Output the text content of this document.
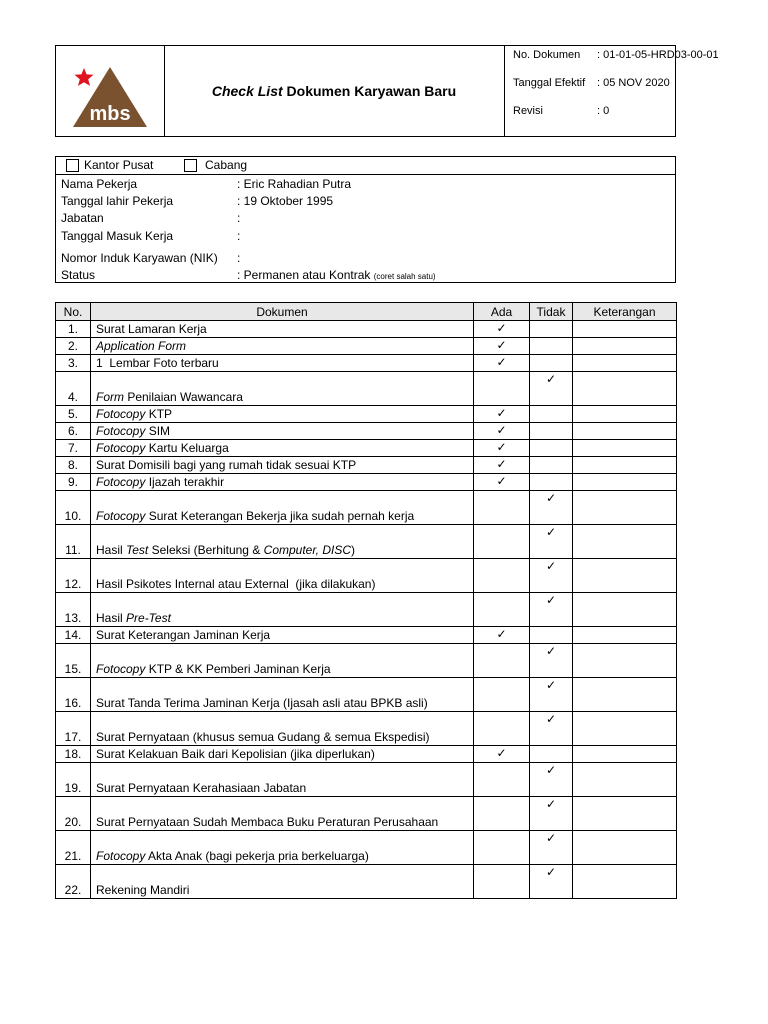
mbs
Check List Dokumen Karyawan Baru
No. Dokumen : 01-01-05-HRD03-00-01
Tanggal Efektif : 05 NOV 2020
Revisi	: 0
Kantor Pusat	Cabang
Nama Pekerja	: Eric Rahadian Putra
Tanggal lahir Pekerja	: 19 Oktober 1995
Jabatan	:
Tanggal Masuk Kerja	:
Nomor Induk Karyawan (NIK) :
Status	: Permanen atau Kontrak (coret salah satu)
No.	Dokumen	Ada	Tidak	Keterangan
1.	Surat Lamaran Kerja	✓		
2.	Application Form	✓		
3.	1  Lembar Foto terbaru	✓		
4.	Form Penilaian Wawancara		✓	
5.	Fotocopy KTP	✓		
6.	Fotocopy SIM	✓		
7.	Fotocopy Kartu Keluarga	✓		
8.	Surat Domisili bagi yang rumah tidak sesuai KTP	✓		
9.	Fotocopy Ijazah terakhir	✓		
10.	Fotocopy Surat Keterangan Bekerja jika sudah pernah kerja		✓	
11.	Hasil Test Seleksi (Berhitung & Computer, DISC)		✓	
12.	Hasil Psikotes Internal atau External  (jika dilakukan)		✓	
13.	Hasil Pre-Test		✓	
14.	Surat Keterangan Jaminan Kerja	✓		
15.	Fotocopy KTP & KK Pemberi Jaminan Kerja		✓	
16.	Surat Tanda Terima Jaminan Kerja (Ijasah asli atau BPKB asli)		✓	
17.	Surat Pernyataan (khusus semua Gudang & semua Ekspedisi)		✓	
18.	Surat Kelakuan Baik dari Kepolisian (jika diperlukan)	✓		
19.	Surat Pernyataan Kerahasiaan Jabatan		✓	
20.	Surat Pernyataan Sudah Membaca Buku Peraturan Perusahaan		✓	
21.	Fotocopy Akta Anak (bagi pekerja pria berkeluarga)		✓	
22.	Rekening Mandiri		✓	
